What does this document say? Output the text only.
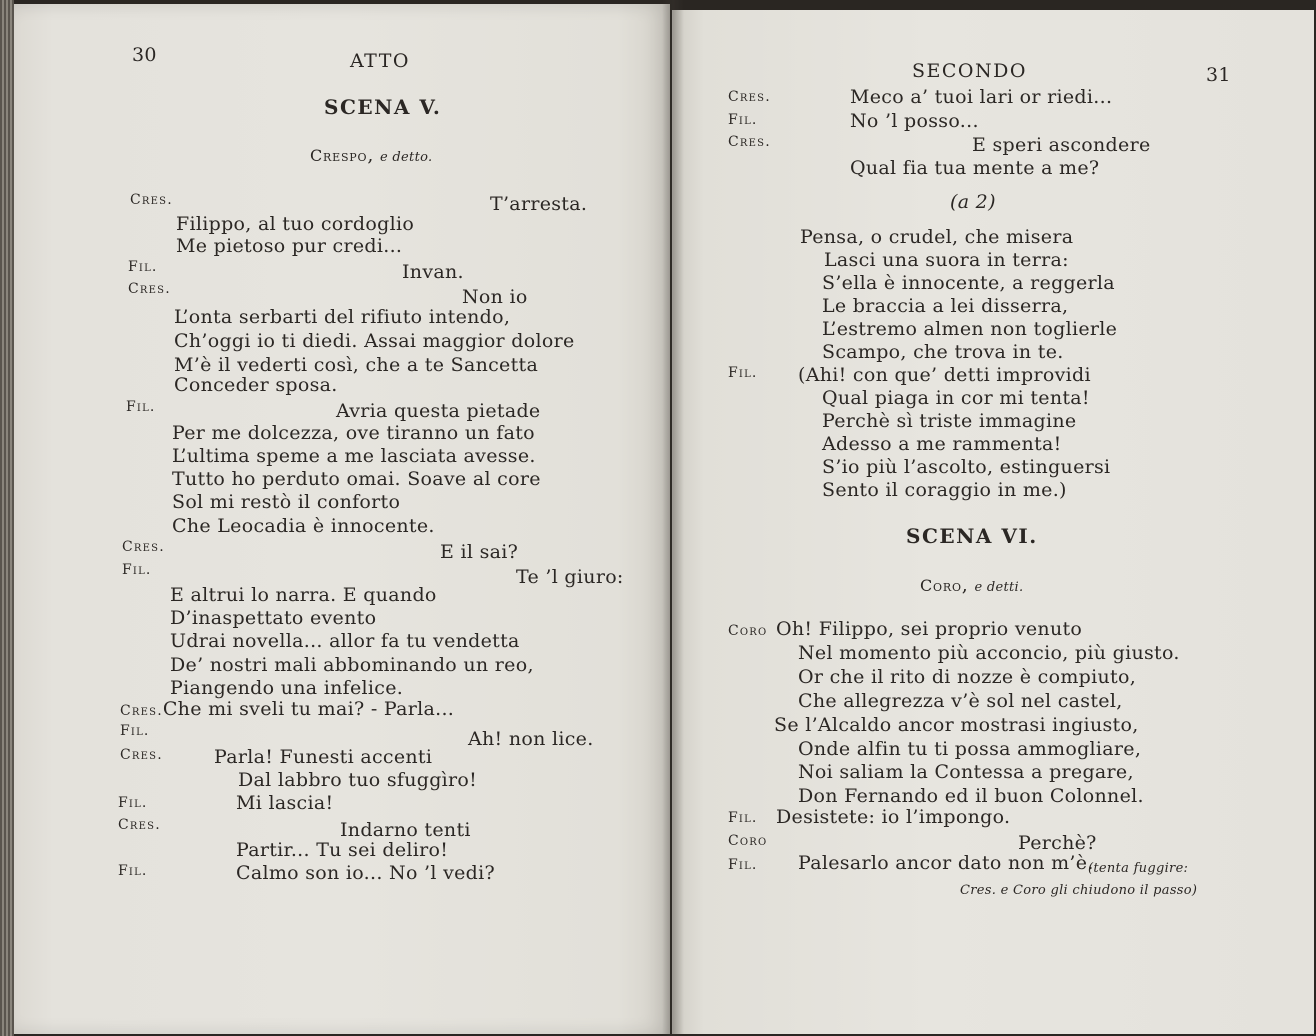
30	ATTO
SCENA V.
Crespo, e detto.
Cres.	T’arresta.
Filippo, al tuo cordoglio
Me pietoso pur credi...
Fil.	Invan.
Cres.	Non io
L’onta serbarti del rifiuto intendo,
Ch’oggi io ti diedi. Assai maggior dolore
M’è il vederti così, che a te Sancetta
Conceder sposa.
Fil.	Avria questa pietade
Per me dolcezza, ove tiranno un fato
L’ultima speme a me lasciata avesse.
Tutto ho perduto omai. Soave al core
Sol mi restò il conforto
Che Leocadia è innocente.
Cres.	E il sai?
Fil.	Te ’l giuro:
E altrui lo narra. E quando
D’inaspettato evento
Udrai novella... allor fa tu vendetta
De’ nostri mali abbominando un reo,
Piangendo una infelice.
Cres.Che mi sveli tu mai? - Parla...
Fil.	Ah! non lice.
Cres.	Parla! Funesti accenti
Dal labbro tuo sfuggìro!
Fil.	Mi lascia!
Cres.	Indarno tenti
Partir... Tu sei deliro!
Fil.	Calmo son io... No ’l vedi?
SECONDO	31
Cres.	Meco a’ tuoi lari or riedi...
Fil.	No ’l posso...
Cres.	E speri ascondere
Qual fia tua mente a me?
(a 2)
Pensa, o crudel, che misera
Lasci una suora in terra:
S’ella è innocente, a reggerla
Le braccia a lei disserra,
L’estremo almen non toglierle
Scampo, che trova in te.
Fil. (Ahi! con que’ detti improvidi
Qual piaga in cor mi tenta!
Perchè sì triste immagine
Adesso a me rammenta!
S’io più l’ascolto, estinguersi
Sento il coraggio in me.)
SCENA VI.
Coro, e detti.
Coro Oh! Filippo, sei proprio venuto
Nel momento più acconcio, più giusto.
Or che il rito di nozze è compiuto,
Che allegrezza v’è sol nel castel,
Se l’Alcaldo ancor mostrasi ingiusto,
Onde alfin tu ti possa ammogliare,
Noi saliam la Contessa a pregare,
Don Fernando ed il buon Colonnel.
Fil. Desistete: io l’impongo.
Coro	Perchè?
Fil. Palesarlo ancor dato non m’è.
(tenta fuggire:
Cres. e Coro gli chiudono il passo)
